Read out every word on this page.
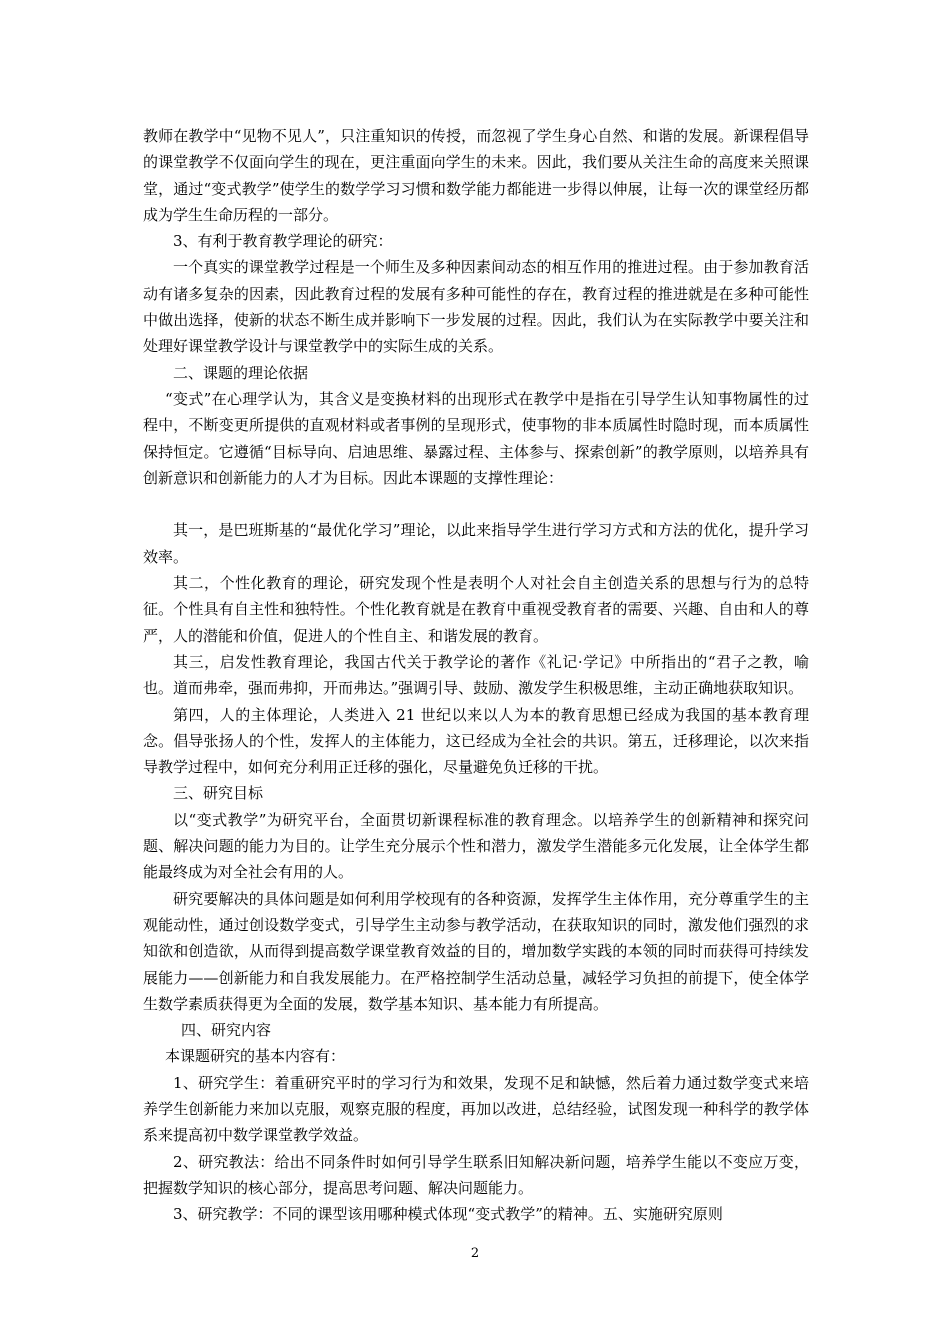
教师在教学中“见物不见人”，只注重知识的传授，而忽视了学生身心自然、和谐的发展。新课程倡导的课堂教学不仅面向学生的现在，更注重面向学生的未来。因此，我们要从关注生命的高度来关照课堂，通过“变式教学”使学生的数学学习习惯和数学能力都能进一步得以伸展，让每一次的课堂经历都成为学生生命历程的一部分。

3、有利于教育教学理论的研究：

一个真实的课堂教学过程是一个师生及多种因素间动态的相互作用的推进过程。由于参加教育活动有诸多复杂的因素，因此教育过程的发展有多种可能性的存在，教育过程的推进就是在多种可能性中做出选择，使新的状态不断生成并影响下一步发展的过程。因此，我们认为在实际教学中要关注和处理好课堂教学设计与课堂教学中的实际生成的关系。

二、课题的理论依据

“变式”在心理学认为，其含义是变换材料的出现形式在教学中是指在引导学生认知事物属性的过程中，不断变更所提供的直观材料或者事例的呈现形式，使事物的非本质属性时隐时现，而本质属性保持恒定。它遵循“目标导向、启迪思维、暴露过程、主体参与、探索创新”的教学原则，以培养具有创新意识和创新能力的人才为目标。因此本课题的支撑性理论：

其一，是巴班斯基的“最优化学习”理论，以此来指导学生进行学习方式和方法的优化，提升学习效率。

其二，个性化教育的理论，研究发现个性是表明个人对社会自主创造关系的思想与行为的总特征。个性具有自主性和独特性。个性化教育就是在教育中重视受教育者的需要、兴趣、自由和人的尊严，人的潜能和价值，促进人的个性自主、和谐发展的教育。

其三，启发性教育理论，我国古代关于教学论的著作《礼记·学记》中所指出的“君子之教，喻也。道而弗牵，强而弗抑，开而弗达。”强调引导、鼓励、激发学生积极思维，主动正确地获取知识。

第四，人的主体理论，人类进入 21 世纪以来以人为本的教育思想已经成为我国的基本教育理念。倡导张扬人的个性，发挥人的主体能力，这已经成为全社会的共识。第五，迁移理论，以次来指导教学过程中，如何充分利用正迁移的强化，尽量避免负迁移的干扰。

三、研究目标

以“变式教学”为研究平台，全面贯切新课程标准的教育理念。以培养学生的创新精神和探究问题、解决问题的能力为目的。让学生充分展示个性和潜力，激发学生潜能多元化发展，让全体学生都能最终成为对全社会有用的人。

研究要解决的具体问题是如何利用学校现有的各种资源，发挥学生主体作用，充分尊重学生的主观能动性，通过创设数学变式，引导学生主动参与教学活动，在获取知识的同时，激发他们强烈的求知欲和创造欲，从而得到提高数学课堂教育效益的目的，增加数学实践的本领的同时而获得可持续发展能力——创新能力和自我发展能力。在严格控制学生活动总量，减轻学习负担的前提下，使全体学生数学素质获得更为全面的发展，数学基本知识、基本能力有所提高。

四、研究内容

本课题研究的基本内容有：

1、研究学生：着重研究平时的学习行为和效果，发现不足和缺憾，然后着力通过数学变式来培养学生创新能力来加以克服，观察克服的程度，再加以改进，总结经验，试图发现一种科学的教学体系来提高初中数学课堂教学效益。

2、研究教法：给出不同条件时如何引导学生联系旧知解决新问题，培养学生能以不变应万变，把握数学知识的核心部分，提高思考问题、解决问题能力。

3、研究教学：不同的课型该用哪种模式体现“变式教学”的精神。五、实施研究原则

2
